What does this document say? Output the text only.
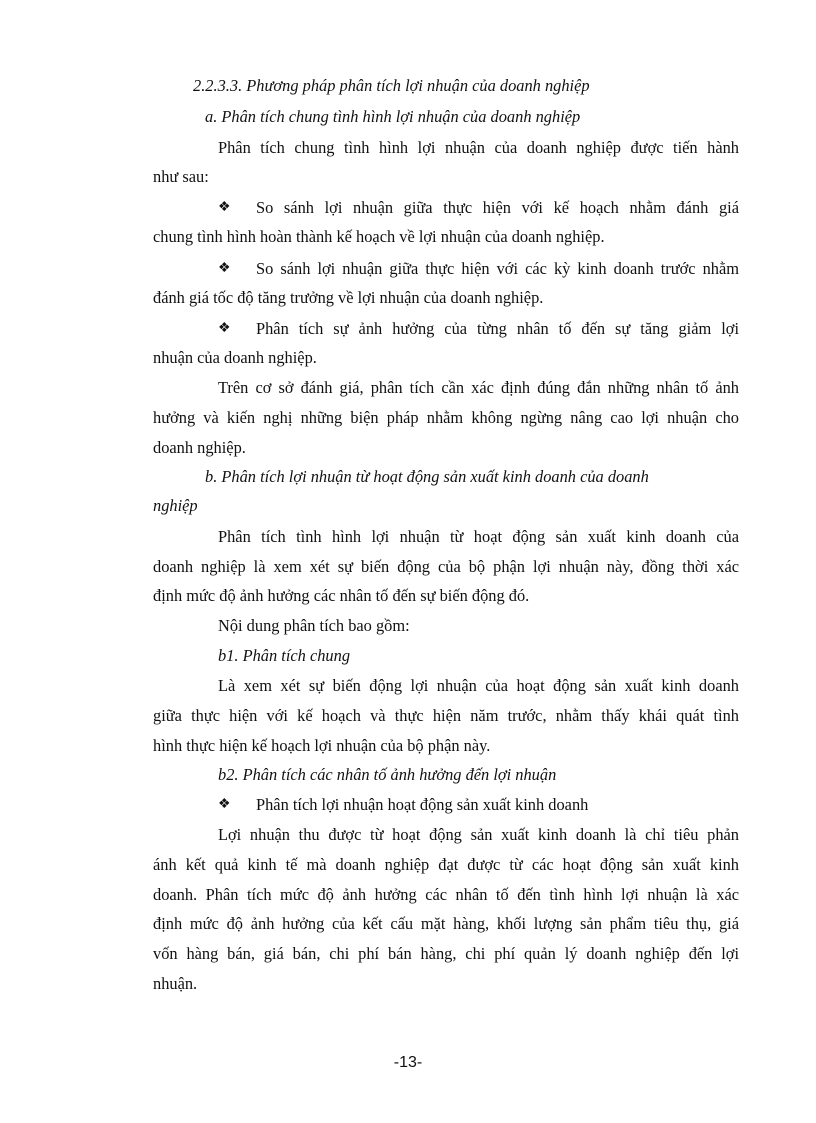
2.2.3.3. Phương pháp phân tích lợi nhuận của doanh nghiệp
a. Phân tích chung tình hình lợi nhuận của doanh nghiệp
Phân tích chung tình hình lợi nhuận của doanh nghiệp được tiến hành
như sau:
❖ So sánh lợi nhuận giữa thực hiện với kế hoạch nhằm đánh giá
chung tình hình hoàn thành kế hoạch về lợi nhuận của doanh nghiệp.
❖ So sánh lợi nhuận giữa thực hiện với các kỳ kinh doanh trước nhằm
đánh giá tốc độ tăng trưởng về lợi nhuận của doanh nghiệp.
❖ Phân tích sự ảnh hưởng của từng nhân tố đến sự tăng giảm lợi
nhuận của doanh nghiệp.
Trên cơ sở đánh giá, phân tích cần xác định đúng đắn những nhân tố ảnh
hưởng và kiến nghị những biện pháp nhằm không ngừng nâng cao lợi nhuận cho
doanh nghiệp.
b. Phân tích lợi nhuận từ hoạt động sản xuất kinh doanh của doanh
nghiệp
Phân tích tình hình lợi nhuận từ hoạt động sản xuất kinh doanh của
doanh nghiệp là xem xét sự biến động của bộ phận lợi nhuận này, đồng thời xác
định mức độ ảnh hưởng các nhân tố đến sự biến động đó.
Nội dung phân tích bao gồm:
b1. Phân tích chung
Là xem xét sự biến động lợi nhuận của hoạt động sản xuất kinh doanh
giữa thực hiện với kế hoạch và thực hiện năm trước, nhằm thấy khái quát tình
hình thực hiện kế hoạch lợi nhuận của bộ phận này.
b2. Phân tích các nhân tố ảnh hưởng đến lợi nhuận
❖ Phân tích lợi nhuận hoạt động sản xuất kinh doanh
Lợi nhuận thu được từ hoạt động sản xuất kinh doanh là chỉ tiêu phản
ánh kết quả kinh tế mà doanh nghiệp đạt được từ các hoạt động sản xuất kinh
doanh. Phân tích mức độ ảnh hưởng các nhân tố đến tình hình lợi nhuận là xác
định mức độ ảnh hưởng của kết cấu mặt hàng, khối lượng sản phẩm tiêu thụ, giá
vốn hàng bán, giá bán, chi phí bán hàng, chi phí quản lý doanh nghiệp đến lợi
nhuận.
-13-
